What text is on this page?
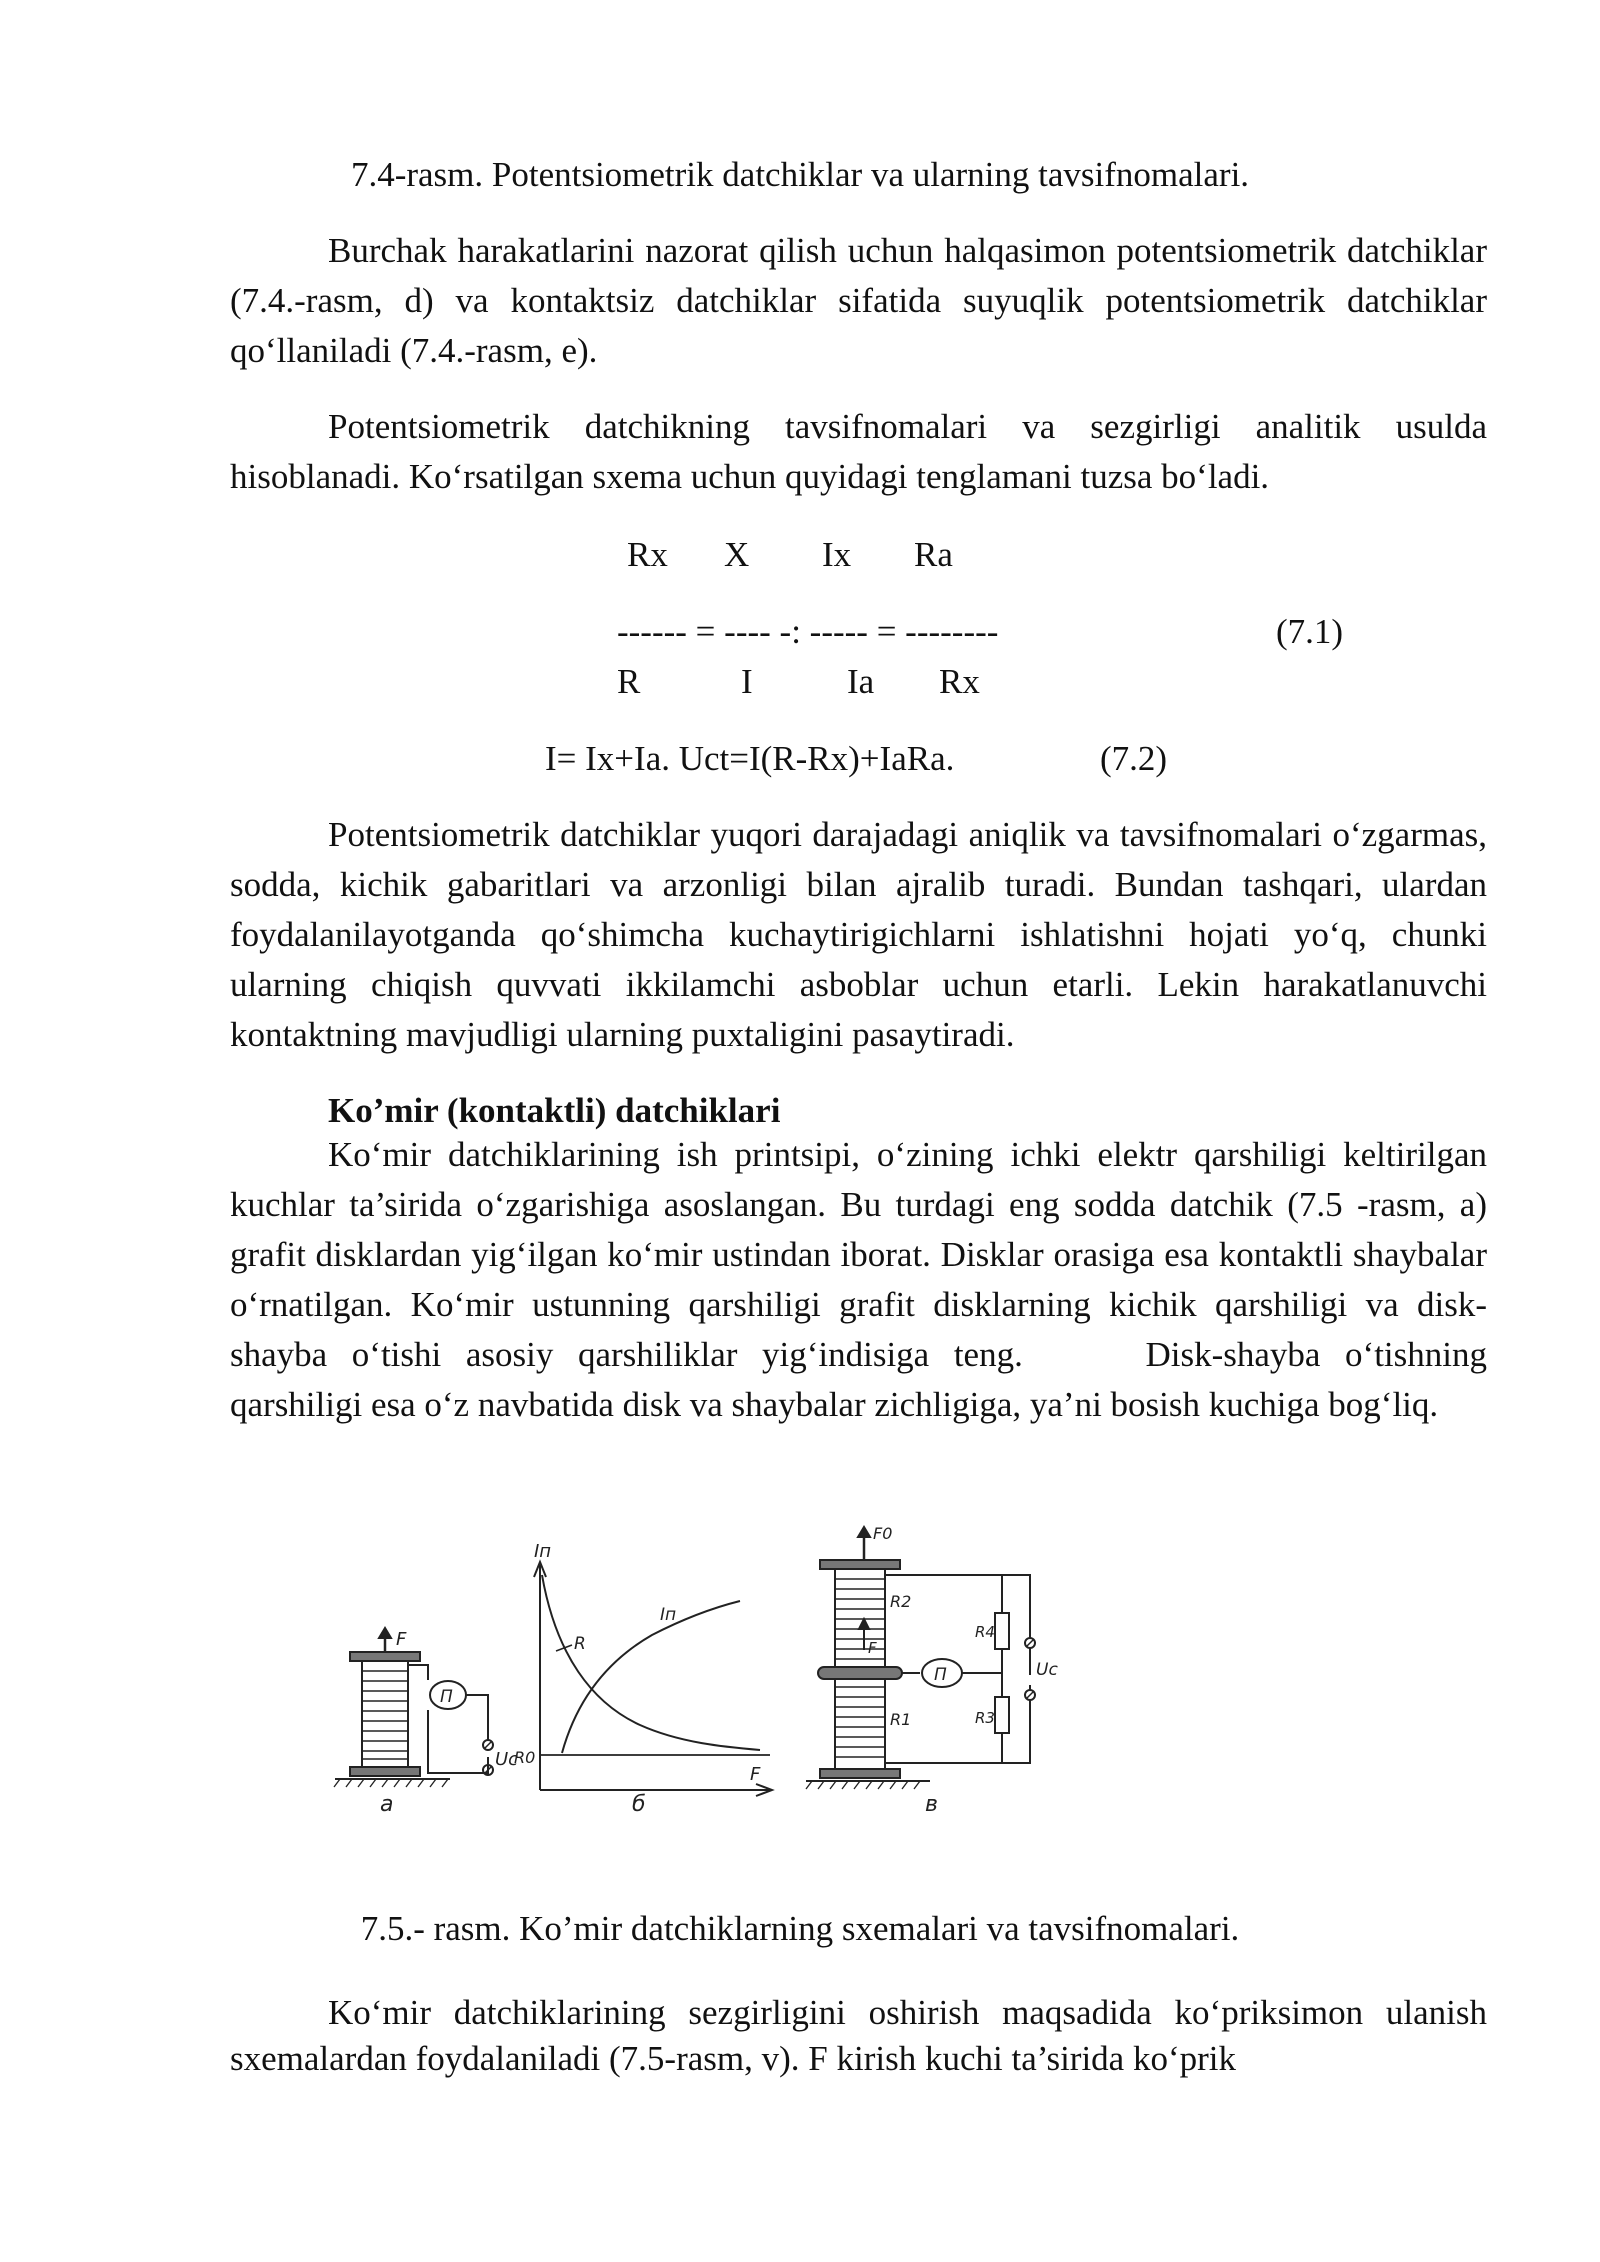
7.4-rasm. Potentsiometrik datchiklar va ularning tavsifnomalari.
Burchak harakatlarini nazorat qilish uchun halqasimon potentsiometrik datchiklar (7.4.-rasm, d) va kontaktsiz datchiklar sifatida suyuqlik potentsiometrik datchiklar qo‘llaniladi (7.4.-rasm, e).
Potentsiometrik datchikning tavsifnomalari va sezgirligi analitik usulda hisoblanadi. Ko‘rsatilgan sxema uchun quyidagi tenglamani tuzsa bo‘ladi.
Rx X Ix Ra
------ = ---- -: ----- = --------	(7.1)
R	I	Ia Rx
I= Ix+Ia. Uct=I(R-Rx)+IaRa.	(7.2)
Potentsiometrik datchiklar yuqori darajadagi aniqlik va tavsifnomalari o‘zgarmas, sodda, kichik gabaritlari va arzonligi bilan ajralib turadi. Bundan tashqari, ulardan foydalanilayotganda qo‘shimcha kuchaytirigichlarni ishlatishni hojati yo‘q, chunki ularning chiqish quvvati ikkilamchi asboblar uchun etarli. Lekin harakatlanuvchi kontaktning mavjudligi ularning puxtaligini pasaytiradi.
Ko’mir (kontaktli) datchiklari
Ko‘mir datchiklarining ish printsipi, o‘zining ichki elektr qarshiligi keltirilgan kuchlar ta’sirida o‘zgarishiga asoslangan. Bu turdagi eng sodda datchik (7.5 -rasm, a) grafit disklardan yig‘ilgan ko‘mir ustindan iborat. Disklar orasiga esa kontaktli shaybalar o‘rnatilgan. Ko‘mir ustunning qarshiligi grafit disklarning kichik qarshiligi va disk-shayba o‘tishi asosiy qarshiliklar yig‘indisiga teng.	Disk-shayba o‘tishning qarshiligi esa o‘z navbatida disk va shaybalar zichligiga, ya’ni bosish kuchiga bog‘liq.
F
П
Uc
а
Iп
R
Iп
R0
F
б
F0
R2
F
R1
R4
R3
П	Uc
в
7.5.- rasm. Ko’mir datchiklarning sxemalari va tavsifnomalari.
Ko‘mir datchiklarining sezgirligini oshirish maqsadida ko‘priksimon ulanish sxemalardan foydalaniladi (7.5-rasm, v). F kirish kuchi ta’sirida ko‘prik
